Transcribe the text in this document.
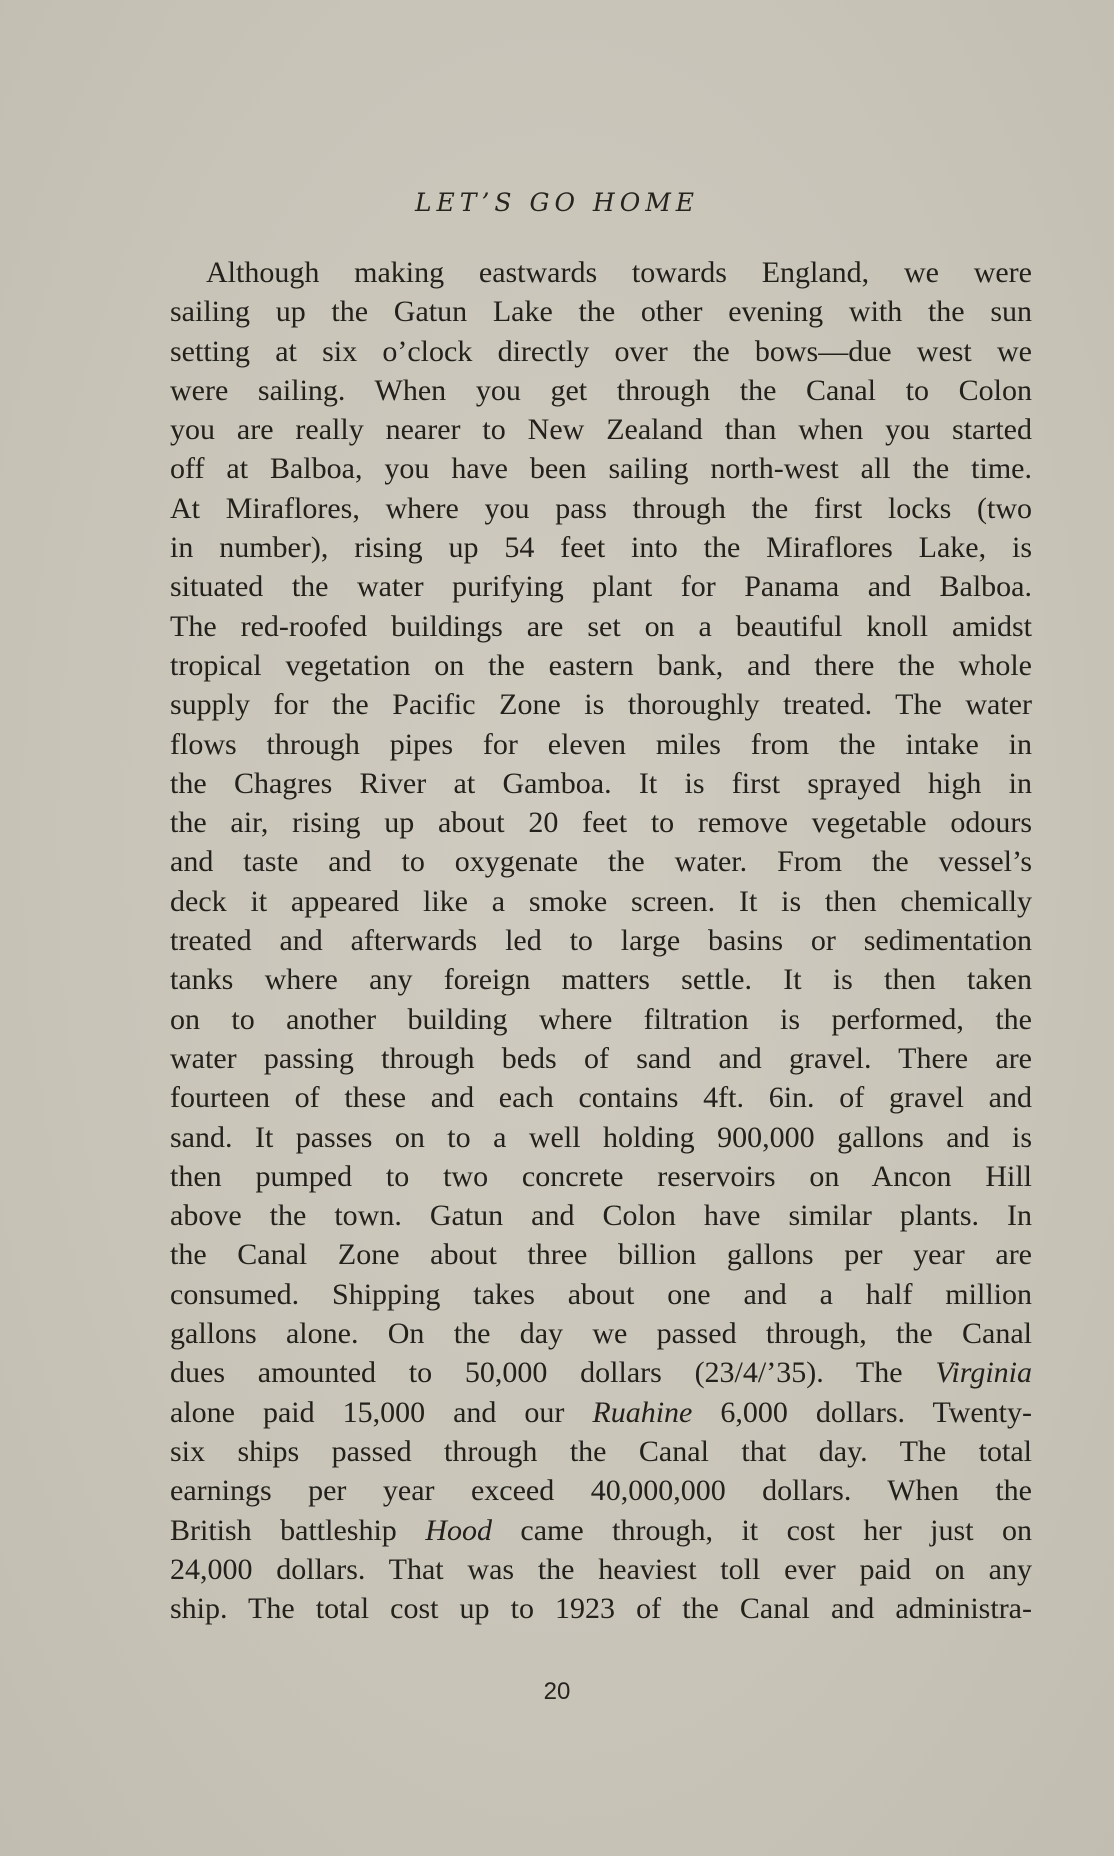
LET’S GO HOME
Although making eastwards towards England, we were
sailing up the Gatun Lake the other evening with the sun
setting at six o’clock directly over the bows—due west we
were sailing. When you get through the Canal to Colon
you are really nearer to New Zealand than when you started
off at Balboa, you have been sailing north-west all the time.
At Miraflores, where you pass through the first locks (two
in number), rising up 54 feet into the Miraflores Lake, is
situated the water purifying plant for Panama and Balboa.
The red-roofed buildings are set on a beautiful knoll amidst
tropical vegetation on the eastern bank, and there the whole
supply for the Pacific Zone is thoroughly treated. The water
flows through pipes for eleven miles from the intake in
the Chagres River at Gamboa. It is first sprayed high in
the air, rising up about 20 feet to remove vegetable odours
and taste and to oxygenate the water. From the vessel’s
deck it appeared like a smoke screen. It is then chemically
treated and afterwards led to large basins or sedimentation
tanks where any foreign matters settle. It is then taken
on to another building where filtration is performed, the
water passing through beds of sand and gravel. There are
fourteen of these and each contains 4ft. 6in. of gravel and
sand. It passes on to a well holding 900,000 gallons and is
then pumped to two concrete reservoirs on Ancon Hill
above the town. Gatun and Colon have similar plants. In
the Canal Zone about three billion gallons per year are
consumed. Shipping takes about one and a half million
gallons alone. On the day we passed through, the Canal
dues amounted to 50,000 dollars (23/4/’35). The Virginia
alone paid 15,000 and our Ruahine 6,000 dollars. Twenty-
six ships passed through the Canal that day. The total
earnings per year exceed 40,000,000 dollars. When the
British battleship Hood came through, it cost her just on
24,000 dollars. That was the heaviest toll ever paid on any
ship. The total cost up to 1923 of the Canal and administra-
20
